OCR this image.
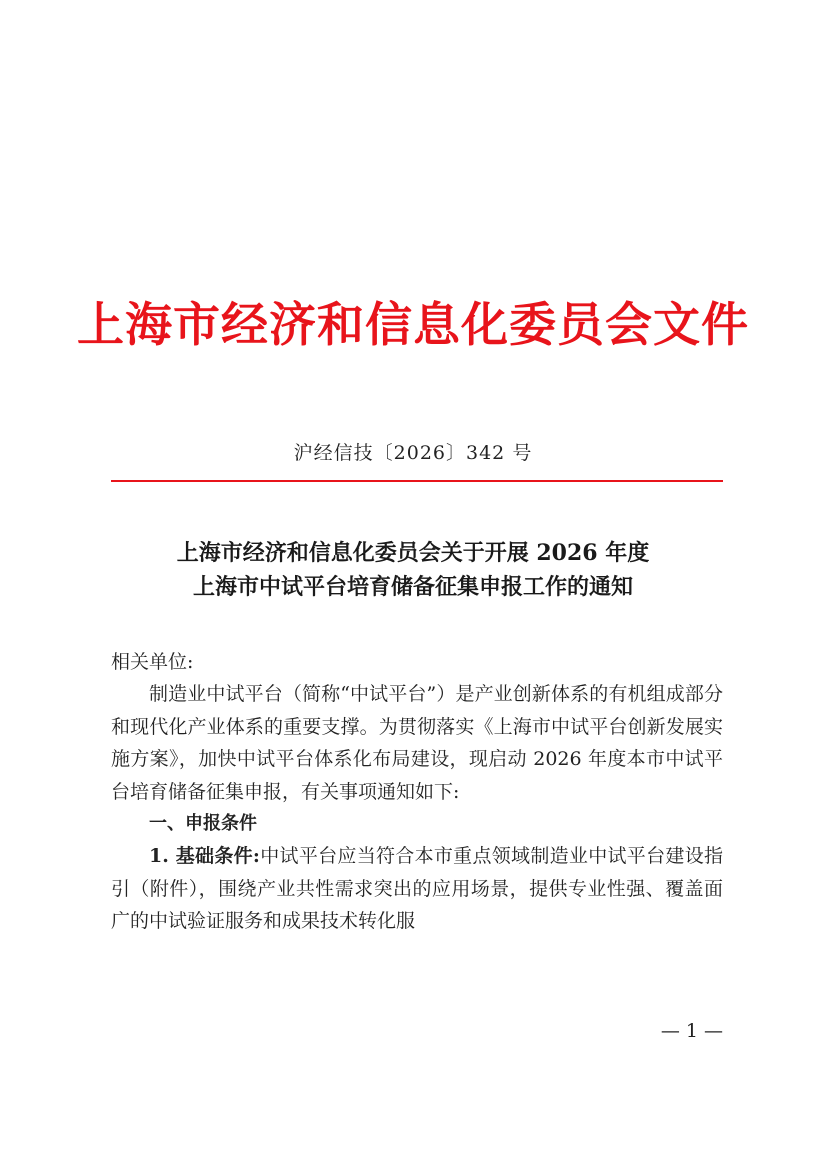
上海市经济和信息化委员会文件
沪经信技〔2026〕342 号
上海市经济和信息化委员会关于开展 2026 年度
上海市中试平台培育储备征集申报工作的通知

相关单位:

制造业中试平台（简称“中试平台”）是产业创新体系的有机组成部分和现代化产业体系的重要支撑。为贯彻落实《上海市中试平台创新发展实施方案》，加快中试平台体系化布局建设，现启动 2026 年度本市中试平台培育储备征集申报，有关事项通知如下:

一、申报条件

1. 基础条件:中试平台应当符合本市重点领域制造业中试平台建设指引（附件），围绕产业共性需求突出的应用场景，提供专业性强、覆盖面广的中试验证服务和成果技术转化服

— 1 —
